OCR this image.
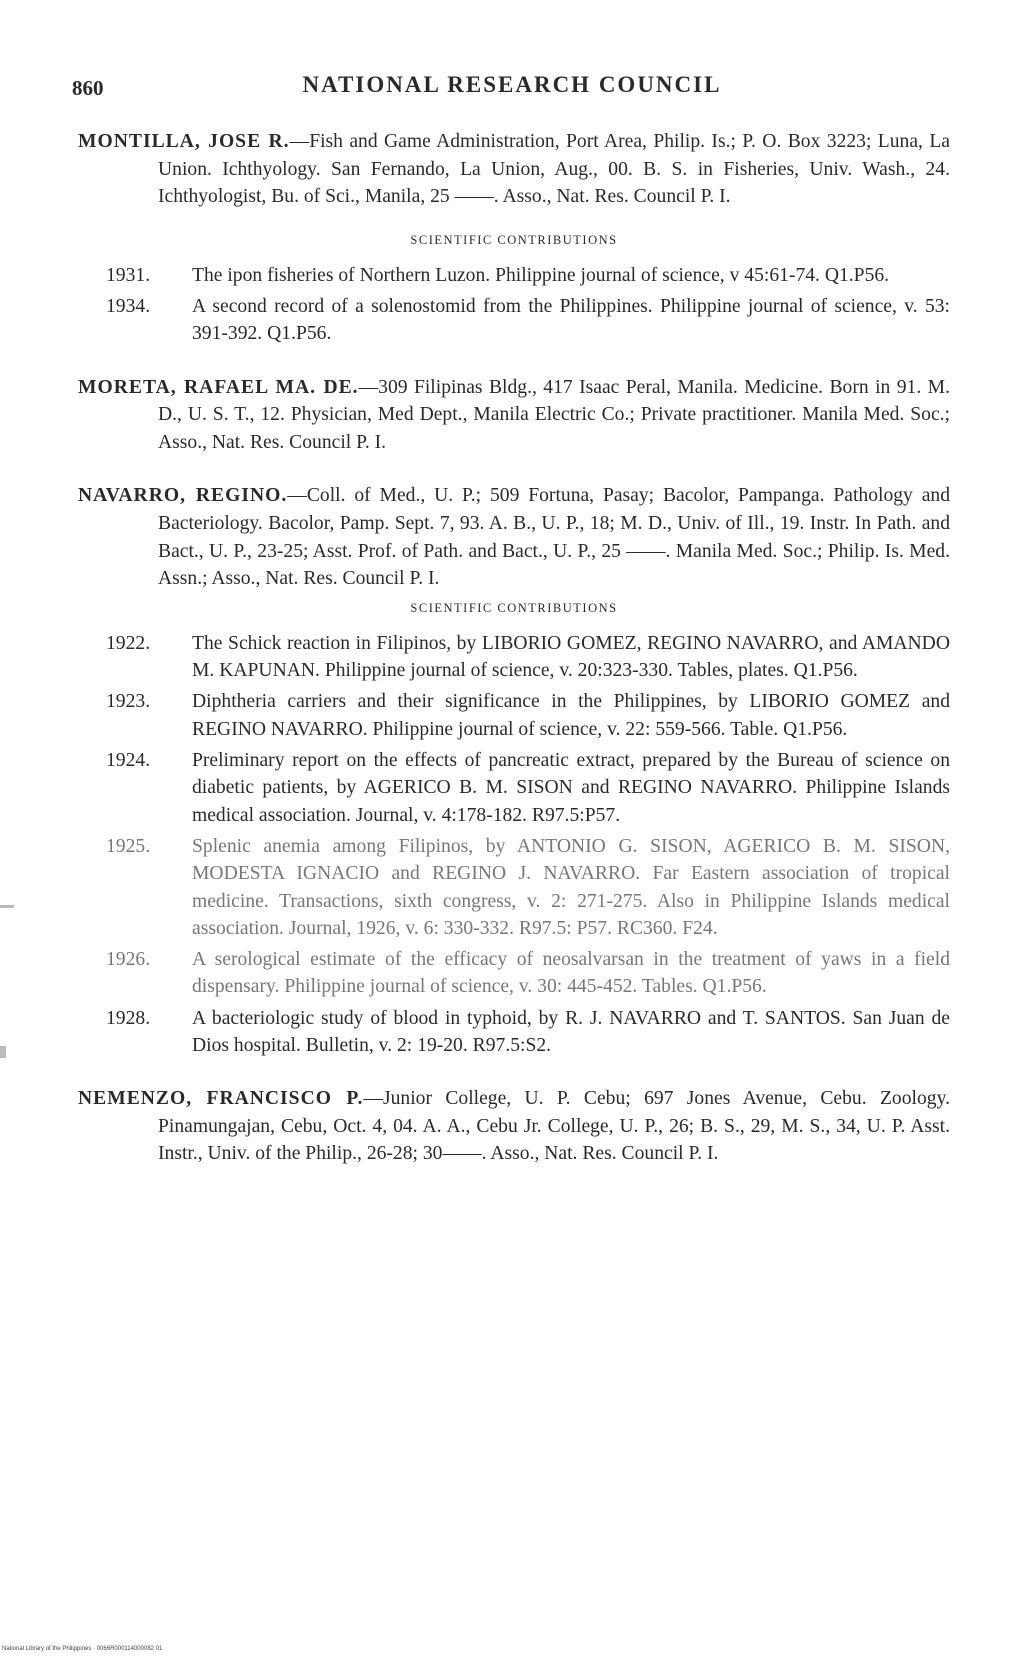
860	NATIONAL RESEARCH COUNCIL

MONTILLA, JOSE R.—Fish and Game Administration, Port Area, Philip. Is.; P. O. Box 3223; Luna, La Union. Ichthyology. San Fernando, La Union, Aug., 00. B. S. in Fisheries, Univ. Wash., 24. Ichthyologist, Bu. of Sci., Manila, 25 ——. Asso., Nat. Res. Council P. I.

SCIENTIFIC CONTRIBUTIONS

1931. The ipon fisheries of Northern Luzon. Philippine journal of science, v 45:61-74. Q1.P56.

1934. A second record of a solenostomid from the Philippines. Philippine journal of science, v. 53: 391-392. Q1.P56.

MORETA, RAFAEL MA. DE.—309 Filipinas Bldg., 417 Isaac Peral, Manila. Medicine. Born in 91. M. D., U. S. T., 12. Physician, Med Dept., Manila Electric Co.; Private practitioner. Manila Med. Soc.; Asso., Nat. Res. Council P. I.

NAVARRO, REGINO.—Coll. of Med., U. P.; 509 Fortuna, Pasay; Bacolor, Pampanga. Pathology and Bacteriology. Bacolor, Pamp. Sept. 7, 93. A. B., U. P., 18; M. D., Univ. of Ill., 19. Instr. In Path. and Bact., U. P., 23-25; Asst. Prof. of Path. and Bact., U. P., 25 ——. Manila Med. Soc.; Philip. Is. Med. Assn.; Asso., Nat. Res. Council P. I.

SCIENTIFIC CONTRIBUTIONS

1922. The Schick reaction in Filipinos, by LIBORIO GOMEZ, REGINO NAVARRO, and AMANDO M. KAPUNAN. Philippine journal of science, v. 20:323-330. Tables, plates. Q1.P56.

1923. Diphtheria carriers and their significance in the Philippines, by LIBORIO GOMEZ and REGINO NAVARRO. Philippine journal of science, v. 22: 559-566. Table. Q1.P56.

1924. Preliminary report on the effects of pancreatic extract, prepared by the Bureau of science on diabetic patients, by AGERICO B. M. SISON and REGINO NAVARRO. Philippine Islands medical association. Journal, v. 4:178-182. R97.5:P57.

1925. Splenic anemia among Filipinos, by ANTONIO G. SISON, AGERICO B. M. SISON, MODESTA IGNACIO and REGINO J. NAVARRO. Far Eastern association of tropical medicine. Transactions, sixth congress, v. 2: 271-275. Also in Philippine Islands medical association. Journal, 1926, v. 6: 330-332. R97.5: P57. RC360. F24.

1926. A serological estimate of the efficacy of neosalvarsan in the treatment of yaws in a field dispensary. Philippine journal of science, v. 30: 445-452. Tables. Q1.P56.

1928. A bacteriologic study of blood in typhoid, by R. J. NAVARRO and T. SANTOS. San Juan de Dios hospital. Bulletin, v. 2: 19-20. R97.5:S2.

NEMENZO, FRANCISCO P.—Junior College, U. P. Cebu; 697 Jones Avenue, Cebu. Zoology. Pinamungajan, Cebu, Oct. 4, 04. A. A., Cebu Jr. College, U. P., 26; B. S., 29, M. S., 34, U. P. Asst. Instr., Univ. of the Philip., 26-28; 30——. Asso., Nat. Res. Council P. I.

National Library of the Philippines · 0066R000114000082 01
